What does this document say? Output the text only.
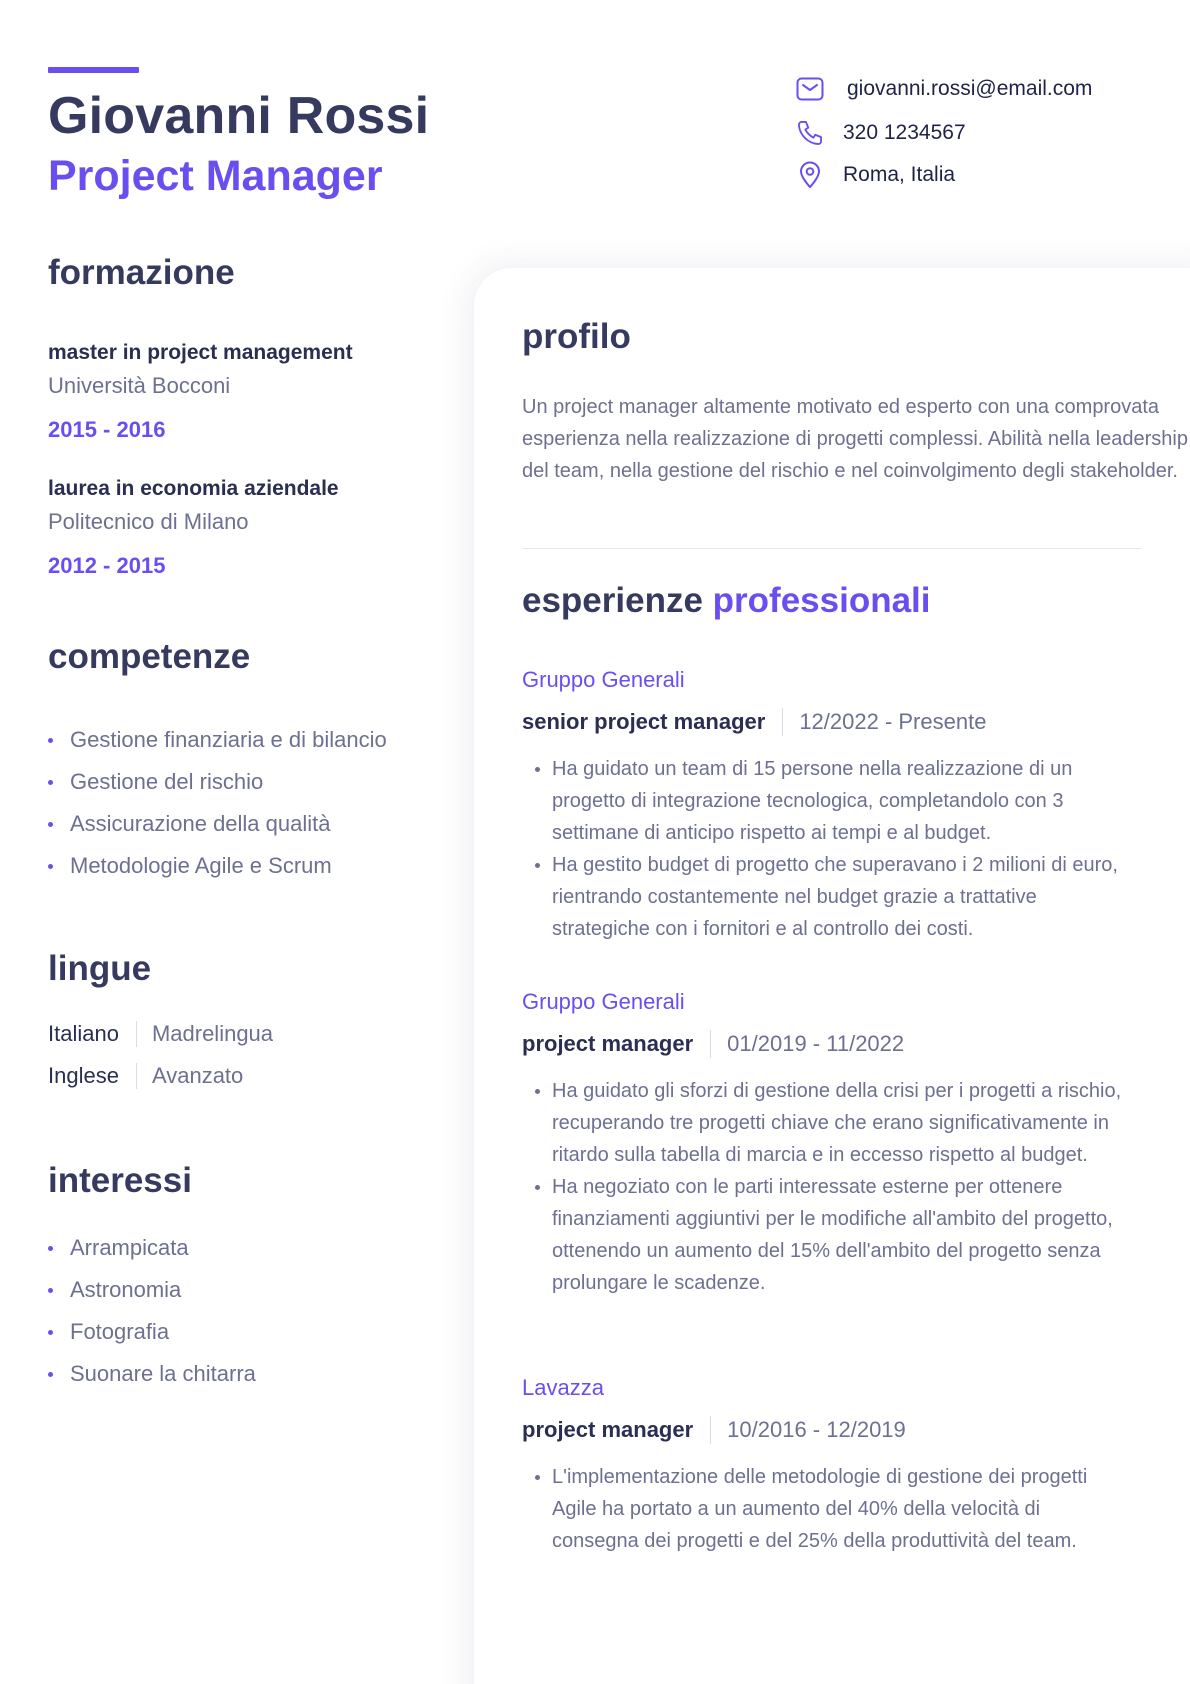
Giovanni Rossi
Project Manager
giovanni.rossi@email.com
320 1234567
Roma, Italia
formazione
master in project management
Università Bocconi
2015 - 2016
laurea in economia aziendale
Politecnico di Milano
2012 - 2015
competenze
Gestione finanziaria e di bilancio
Gestione del rischio
Assicurazione della qualità
Metodologie Agile e Scrum
lingue
Italiano Madrelingua
Inglese Avanzato
interessi
Arrampicata
Astronomia
Fotografia
Suonare la chitarra
profilo
Un project manager altamente motivato ed esperto con una comprovata esperienza nella realizzazione di progetti complessi. Abilità nella leadership del team, nella gestione del rischio e nel coinvolgimento degli stakeholder.
esperienze professionali
Gruppo Generali
senior project manager 12/2022 - Presente
Ha guidato un team di 15 persone nella realizzazione di un progetto di integrazione tecnologica, completandolo con 3 settimane di anticipo rispetto ai tempi e al budget.
Ha gestito budget di progetto che superavano i 2 milioni di euro, rientrando costantemente nel budget grazie a trattative strategiche con i fornitori e al controllo dei costi.
Gruppo Generali
project manager 01/2019 - 11/2022
Ha guidato gli sforzi di gestione della crisi per i progetti a rischio, recuperando tre progetti chiave che erano significativamente in ritardo sulla tabella di marcia e in eccesso rispetto al budget.
Ha negoziato con le parti interessate esterne per ottenere finanziamenti aggiuntivi per le modifiche all'ambito del progetto, ottenendo un aumento del 15% dell'ambito del progetto senza prolungare le scadenze.
Lavazza
project manager 10/2016 - 12/2019
L'implementazione delle metodologie di gestione dei progetti Agile ha portato a un aumento del 40% della velocità di consegna dei progetti e del 25% della produttività del team.
